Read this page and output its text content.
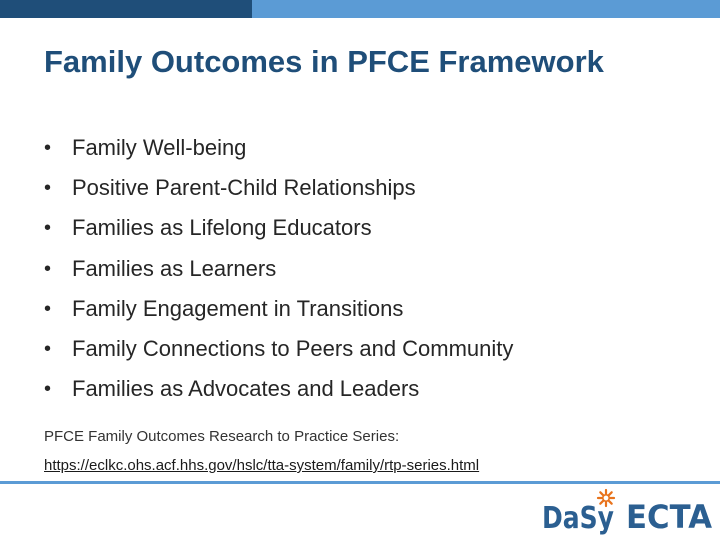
Family Outcomes in PFCE Framework
• Family Well-being
• Positive Parent-Child Relationships
• Families as Lifelong Educators
• Families as Learners
• Family Engagement in Transitions
• Family Connections to Peers and Community
• Families as Advocates and Leaders
PFCE Family Outcomes Research to Practice Series:
https://eclkc.ohs.acf.hhs.gov/hslc/tta-system/family/rtp-series.html
DaSy ECTA
